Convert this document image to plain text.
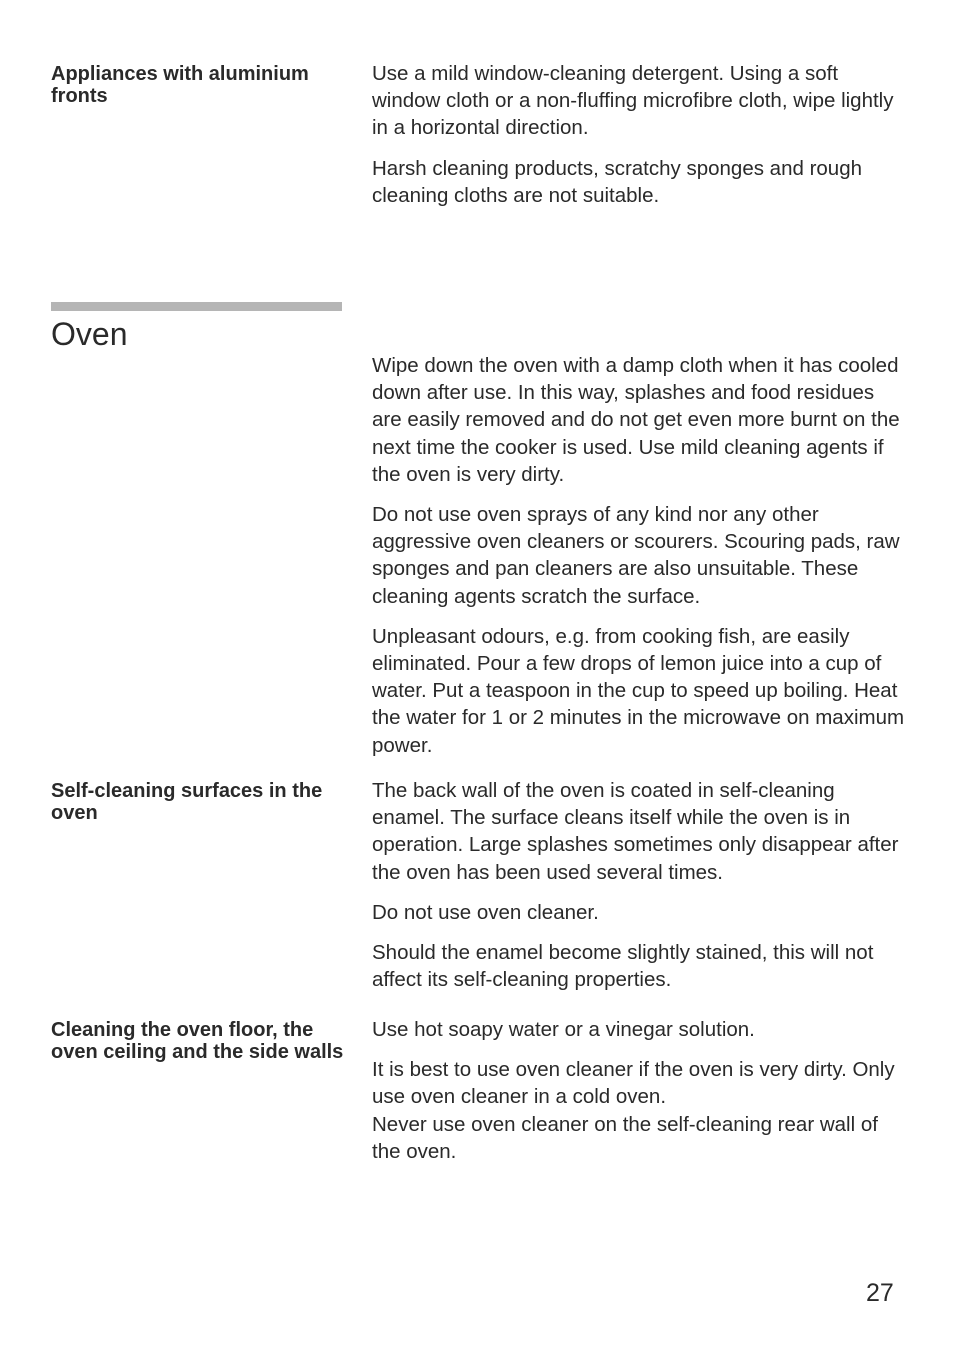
Appliances with aluminium fronts

Use a mild window-cleaning detergent. Using a soft window cloth or a non-fluffing microfibre cloth, wipe lightly in a horizontal direction.

Harsh cleaning products, scratchy sponges and rough cleaning cloths are not suitable.

Oven

Wipe down the oven with a damp cloth when it has cooled down after use. In this way, splashes and food residues are easily removed and do not get even more burnt on the next time the cooker is used. Use mild cleaning agents if the oven is very dirty.

Do not use oven sprays of any kind nor any other aggressive oven cleaners or scourers. Scouring pads, raw sponges and pan cleaners are also unsuitable. These cleaning agents scratch the surface.

Unpleasant odours, e.g. from cooking fish, are easily eliminated. Pour a few drops of lemon juice into a cup of water. Put a teaspoon in the cup to speed up boiling. Heat the water for 1 or 2 minutes in the microwave on maximum power.

Self-cleaning surfaces in the oven

The back wall of the oven is coated in self-cleaning enamel. The surface cleans itself while the oven is in operation. Large splashes sometimes only disappear after the oven has been used several times.

Do not use oven cleaner.

Should the enamel become slightly stained, this will not affect its self-cleaning properties.

Cleaning the oven floor, the oven ceiling and the side walls

Use hot soapy water or a vinegar solution.

It is best to use oven cleaner if the oven is very dirty. Only use oven cleaner in a cold oven.

Never use oven cleaner on the self-cleaning rear wall of the oven.

27
